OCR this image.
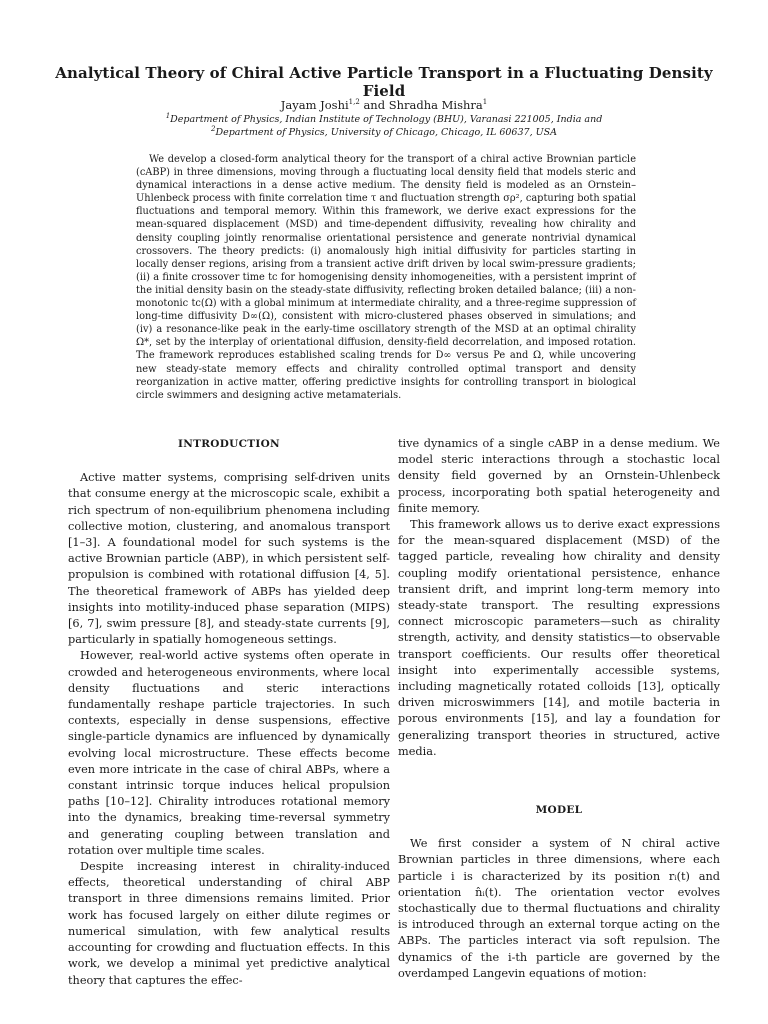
Analytical Theory of Chiral Active Particle Transport in a Fluctuating Density Field
Jayam Joshi$^{1,2}$ and Shradha Mishra$^1$
$^1$Department of Physics, Indian Institute of Technology (BHU), Varanasi 221005, India and
$^2$Department of Physics, University of Chicago, Chicago, IL 60637, USA

We develop a closed-form analytical theory for the transport of a chiral active Brownian particle (cABP) in three dimensions, moving through a fluctuating local density field that models steric and dynamical interactions in a dense active medium. The density field is modeled as an Ornstein–Uhlenbeck process with finite correlation time τ and fluctuation strength σρ², capturing both spatial fluctuations and temporal memory. Within this framework, we derive exact expressions for the mean-squared displacement (MSD) and time-dependent diffusivity, revealing how chirality and density coupling jointly renormalise orientational persistence and generate nontrivial dynamical crossovers. The theory predicts: (i) anomalously high initial diffusivity for particles starting in locally denser regions, arising from a transient active drift driven by local swim-pressure gradients; (ii) a finite crossover time tc for homogenising density inhomogeneities, with a persistent imprint of the initial density basin on the steady-state diffusivity, reflecting broken detailed balance; (iii) a non-monotonic tc(Ω) with a global minimum at intermediate chirality, and a three-regime suppression of long-time diffusivity D∞(Ω), consistent with micro-clustered phases observed in simulations; and (iv) a resonance-like peak in the early-time oscillatory strength of the MSD at an optimal chirality Ω*, set by the interplay of orientational diffusion, density-field decorrelation, and imposed rotation. The framework reproduces established scaling trends for D∞ versus Pe and Ω, while uncovering new steady-state memory effects and chirality controlled optimal transport and density reorganization in active matter, offering predictive insights for controlling transport in biological circle swimmers and designing active metamaterials.

INTRODUCTION

Active matter systems, comprising self-driven units that consume energy at the microscopic scale, exhibit a rich spectrum of non-equilibrium phenomena including collective motion, clustering, and anomalous transport [1–3]. A foundational model for such systems is the active Brownian particle (ABP), in which persistent self-propulsion is combined with rotational diffusion [4, 5]. The theoretical framework of ABPs has yielded deep insights into motility-induced phase separation (MIPS) [6, 7], swim pressure [8], and steady-state currents [9], particularly in spatially homogeneous settings.

However, real-world active systems often operate in crowded and heterogeneous environments, where local density fluctuations and steric interactions fundamentally reshape particle trajectories. In such contexts, especially in dense suspensions, effective single-particle dynamics are influenced by dynamically evolving local microstructure. These effects become even more intricate in the case of chiral ABPs, where a constant intrinsic torque induces helical propulsion paths [10–12]. Chirality introduces rotational memory into the dynamics, breaking time-reversal symmetry and generating coupling between translation and rotation over multiple time scales.

Despite increasing interest in chirality-induced effects, theoretical understanding of chiral ABP transport in three dimensions remains limited. Prior work has focused largely on either dilute regimes or numerical simulation, with few analytical results accounting for crowding and fluctuation effects. In this work, we develop a minimal yet predictive analytical theory that captures the effec-

tive dynamics of a single cABP in a dense medium. We model steric interactions through a stochastic local density field governed by an Ornstein-Uhlenbeck process, incorporating both spatial heterogeneity and finite memory.

This framework allows us to derive exact expressions for the mean-squared displacement (MSD) of the tagged particle, revealing how chirality and density coupling modify orientational persistence, enhance transient drift, and imprint long-term memory into steady-state transport. The resulting expressions connect microscopic parameters—such as chirality strength, activity, and density statistics—to observable transport coefficients. Our results offer theoretical insight into experimentally accessible systems, including magnetically rotated colloids [13], optically driven microswimmers [14], and motile bacteria in porous environments [15], and lay a foundation for generalizing transport theories in structured, active media.

MODEL

We first consider a system of N chiral active Brownian particles in three dimensions, where each particle i is characterized by its position rᵢ(t) and orientation n̂ᵢ(t). The orientation vector evolves stochastically due to thermal fluctuations and chirality is introduced through an external torque acting on the ABPs. The particles interact via soft repulsion. The dynamics of the i-th particle are governed by the overdamped Langevin equations of motion:
